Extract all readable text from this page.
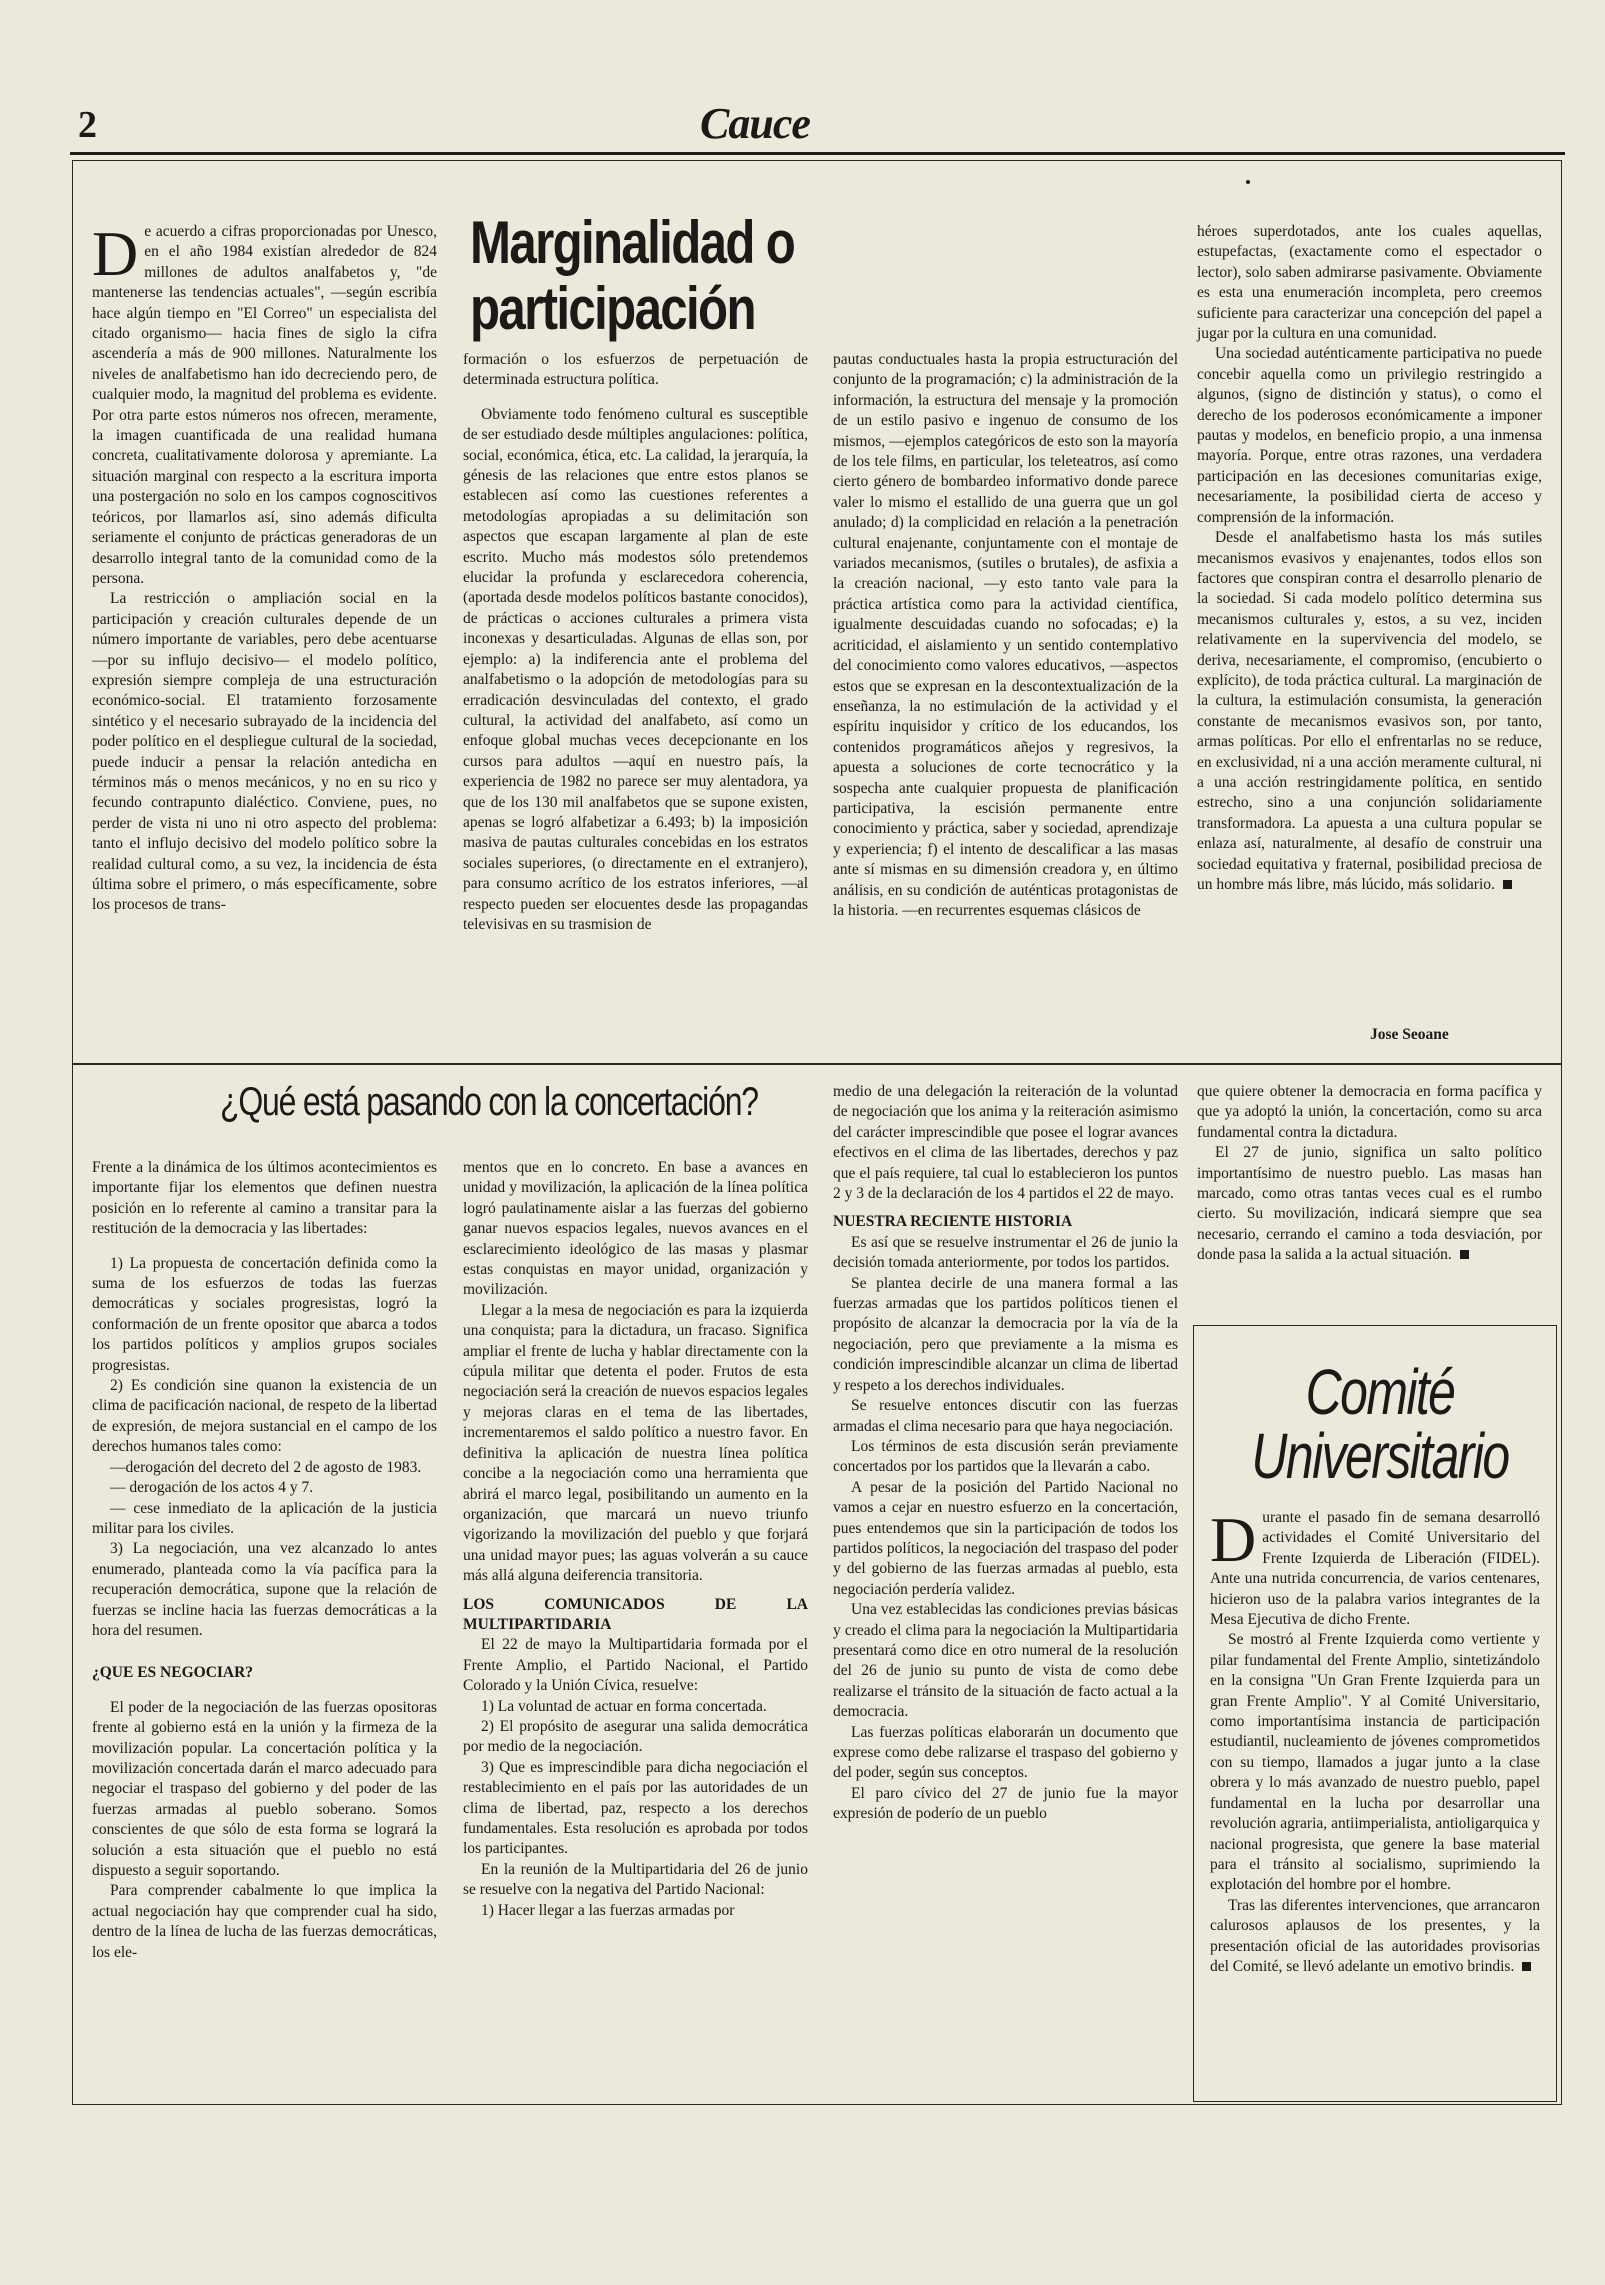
2	Cauce
Marginalidad o participación

De acuerdo a cifras proporcionadas por Unesco, en el año 1984 existían alrededor de 824 millones de adultos analfabetos y, "de mantenerse las tendencias actuales", —según escribía hace algún tiempo en "El Correo" un especialista del citado organismo— hacia fines de siglo la cifra ascendería a más de 900 millones. Naturalmente los niveles de analfabetismo han ido decreciendo pero, de cualquier modo, la magnitud del problema es evidente. Por otra parte estos números nos ofrecen, meramente, la imagen cuantificada de una realidad humana concreta, cualitativamente dolorosa y apremiante. La situación marginal con respecto a la escritura importa una postergación no solo en los campos cognoscitivos teóricos, por llamarlos así, sino además dificulta seriamente el conjunto de prácticas generadoras de un desarrollo integral tanto de la comunidad como de la persona.

La restricción o ampliación social en la participación y creación culturales depende de un número importante de variables, pero debe acentuarse —por su influjo decisivo— el modelo político, expresión siempre compleja de una estructuración económico-social. El tratamiento forzosamente sintético y el necesario subrayado de la incidencia del poder político en el despliegue cultural de la sociedad, puede inducir a pensar la relación antedicha en términos más o menos mecánicos, y no en su rico y fecundo contrapunto dialéctico. Conviene, pues, no perder de vista ni uno ni otro aspecto del problema: tanto el influjo decisivo del modelo político sobre la realidad cultural como, a su vez, la incidencia de ésta última sobre el primero, o más específicamente, sobre los procesos de trans-

formación o los esfuerzos de perpetuación de determinada estructura política.

Obviamente todo fenómeno cultural es susceptible de ser estudiado desde múltiples angulaciones: política, social, económica, ética, etc. La calidad, la jerarquía, la génesis de las relaciones que entre estos planos se establecen así como las cuestiones referentes a metodologías apropiadas a su delimitación son aspectos que escapan largamente al plan de este escrito. Mucho más modestos sólo pretendemos elucidar la profunda y esclarecedora coherencia, (aportada desde modelos políticos bastante conocidos), de prácticas o acciones culturales a primera vista inconexas y desarticuladas. Algunas de ellas son, por ejemplo: a) la indiferencia ante el problema del analfabetismo o la adopción de metodologías para su erradicación desvinculadas del contexto, el grado cultural, la actividad del analfabeto, así como un enfoque global muchas veces decepcionante en los cursos para adultos —aquí en nuestro país, la experiencia de 1982 no parece ser muy alentadora, ya que de los 130 mil analfabetos que se supone existen, apenas se logró alfabetizar a 6.493; b) la imposición masiva de pautas culturales concebidas en los estratos sociales superiores, (o directamente en el extranjero), para consumo acrítico de los estratos inferiores, —al respecto pueden ser elocuentes desde las propagandas televisivas en su trasmision de

pautas conductuales hasta la propia estructuración del conjunto de la programación; c) la administración de la información, la estructura del mensaje y la promoción de un estilo pasivo e ingenuo de consumo de los mismos, —ejemplos categóricos de esto son la mayoría de los tele films, en particular, los teleteatros, así como cierto género de bombardeo informativo donde parece valer lo mismo el estallido de una guerra que un gol anulado; d) la complicidad en relación a la penetración cultural enajenante, conjuntamente con el montaje de variados mecanismos, (sutiles o brutales), de asfixia a la creación nacional, —y esto tanto vale para la práctica artística como para la actividad científica, igualmente descuidadas cuando no sofocadas; e) la acriticidad, el aislamiento y un sentido contemplativo del conocimiento como valores educativos, —aspectos estos que se expresan en la descontextualización de la enseñanza, la no estimulación de la actividad y el espíritu inquisidor y crítico de los educandos, los contenidos programáticos añejos y regresivos, la apuesta a soluciones de corte tecnocrático y la sospecha ante cualquier propuesta de planificación participativa, la escisión permanente entre conocimiento y práctica, saber y sociedad, aprendizaje y experiencia; f) el intento de descalificar a las masas ante sí mismas en su dimensión creadora y, en último análisis, en su condición de auténticas protagonistas de la historia. —en recurrentes esquemas clásicos de

héroes superdotados, ante los cuales aquellas, estupefactas, (exactamente como el espectador o lector), solo saben admirarse pasivamente. Obviamente es esta una enumeración incompleta, pero creemos suficiente para caracterizar una concepción del papel a jugar por la cultura en una comunidad.

Una sociedad auténticamente participativa no puede concebir aquella como un privilegio restringido a algunos, (signo de distinción y status), o como el derecho de los poderosos económicamente a imponer pautas y modelos, en beneficio propio, a una inmensa mayoría. Porque, entre otras razones, una verdadera participación en las decesiones comunitarias exige, necesariamente, la posibilidad cierta de acceso y comprensión de la información.

Desde el analfabetismo hasta los más sutiles mecanismos evasivos y enajenantes, todos ellos son factores que conspiran contra el desarrollo plenario de la sociedad. Si cada modelo político determina sus mecanismos culturales y, estos, a su vez, inciden relativamente en la supervivencia del modelo, se deriva, necesariamente, el compromiso, (encubierto o explícito), de toda práctica cultural. La marginación de la cultura, la estimulación consumista, la generación constante de mecanismos evasivos son, por tanto, armas políticas. Por ello el enfrentarlas no se reduce, en exclusividad, ni a una acción meramente cultural, ni a una acción restringidamente política, en sentido estrecho, sino a una conjunción solidariamente transformadora. La apuesta a una cultura popular se enlaza así, naturalmente, al desafío de construir una sociedad equitativa y fraternal, posibilidad preciosa de un hombre más libre, más lúcido, más solidario.

Jose Seoane
¿Qué está pasando con la concertación?

Frente a la dinámica de los últimos acontecimientos es importante fijar los elementos que definen nuestra posición en lo referente al camino a transitar para la restitución de la democracia y las libertades:

1) La propuesta de concertación definida como la suma de los esfuerzos de todas las fuerzas democráticas y sociales progresistas, logró la conformación de un frente opositor que abarca a todos los partidos políticos y amplios grupos sociales progresistas.

2) Es condición sine quanon la existencia de un clima de pacificación nacional, de respeto de la libertad de expresión, de mejora sustancial en el campo de los derechos humanos tales como:

—derogación del decreto del 2 de agosto de 1983.

— derogación de los actos 4 y 7.

— cese inmediato de la aplicación de la justicia militar para los civiles.

3) La negociación, una vez alcanzado lo antes enumerado, planteada como la vía pacífica para la recuperación democrática, supone que la relación de fuerzas se incline hacia las fuerzas democráticas a la hora del resumen.

¿QUE ES NEGOCIAR?

El poder de la negociación de las fuerzas opositoras frente al gobierno está en la unión y la firmeza de la movilización popular. La concertación política y la movilización concertada darán el marco adecuado para negociar el traspaso del gobierno y del poder de las fuerzas armadas al pueblo soberano. Somos conscientes de que sólo de esta forma se logrará la solución a esta situación que el pueblo no está dispuesto a seguir soportando.

Para comprender cabalmente lo que implica la actual negociación hay que comprender cual ha sido, dentro de la línea de lucha de las fuerzas democráticas, los ele-

mentos que en lo concreto. En base a avances en unidad y movilización, la aplicación de la línea política logró paulatinamente aislar a las fuerzas del gobierno ganar nuevos espacios legales, nuevos avances en el esclarecimiento ideológico de las masas y plasmar estas conquistas en mayor unidad, organización y movilización.

Llegar a la mesa de negociación es para la izquierda una conquista; para la dictadura, un fracaso. Significa ampliar el frente de lucha y hablar directamente con la cúpula militar que detenta el poder. Frutos de esta negociación será la creación de nuevos espacios legales y mejoras claras en el tema de las libertades, incrementaremos el saldo político a nuestro favor. En definitiva la aplicación de nuestra línea política concibe a la negociación como una herramienta que abrirá el marco legal, posibilitando un aumento en la organización, que marcará un nuevo triunfo vigorizando la movilización del pueblo y que forjará una unidad mayor pues; las aguas volverán a su cauce más allá alguna deiferencia transitoria.

LOS COMUNICADOS DE LA MULTIPARTIDARIA

El 22 de mayo la Multipartidaria formada por el Frente Amplio, el Partido Nacional, el Partido Colorado y la Unión Cívica, resuelve:

1) La voluntad de actuar en forma concertada.

2) El propósito de asegurar una salida democrática por medio de la negociación.

3) Que es imprescindible para dicha negociación el restablecimiento en el país por las autoridades de un clima de libertad, paz, respecto a los derechos fundamentales. Esta resolución es aprobada por todos los participantes.

En la reunión de la Multipartidaria del 26 de junio se resuelve con la negativa del Partido Nacional:

1) Hacer llegar a las fuerzas armadas por

medio de una delegación la reiteración de la voluntad de negociación que los anima y la reiteración asimismo del carácter imprescindible que posee el lograr avances efectivos en el clima de las libertades, derechos y paz que el país requiere, tal cual lo establecieron los puntos 2 y 3 de la declaración de los 4 partidos el 22 de mayo.

NUESTRA RECIENTE HISTORIA

Es así que se resuelve instrumentar el 26 de junio la decisión tomada anteriormente, por todos los partidos.

Se plantea decirle de una manera formal a las fuerzas armadas que los partidos políticos tienen el propósito de alcanzar la democracia por la vía de la negociación, pero que previamente a la misma es condición imprescindible alcanzar un clima de libertad y respeto a los derechos individuales.

Se resuelve entonces discutir con las fuerzas armadas el clima necesario para que haya negociación.

Los términos de esta discusión serán previamente concertados por los partidos que la llevarán a cabo.

A pesar de la posición del Partido Nacional no vamos a cejar en nuestro esfuerzo en la concertación, pues entendemos que sin la participación de todos los partidos políticos, la negociación del traspaso del poder y del gobierno de las fuerzas armadas al pueblo, esta negociación perdería validez.

Una vez establecidas las condiciones previas básicas y creado el clima para la negociación la Multipartidaria presentará como dice en otro numeral de la resolución del 26 de junio su punto de vista de como debe realizarse el tránsito de la situación de facto actual a la democracia.

Las fuerzas políticas elaborarán un documento que exprese como debe ralizarse el traspaso del gobierno y del poder, según sus conceptos.

El paro cívico del 27 de junio fue la mayor expresión de poderío de un pueblo

que quiere obtener la democracia en forma pacífica y que ya adoptó la unión, la concertación, como su arca fundamental contra la dictadura.

El 27 de junio, significa un salto político importantísimo de nuestro pueblo. Las masas han marcado, como otras tantas veces cual es el rumbo cierto. Su movilización, indicará siempre que sea necesario, cerrando el camino a toda desviación, por donde pasa la salida a la actual situación.

Comité
Universitario

Durante el pasado fin de semana desarrolló actividades el Comité Universitario del Frente Izquierda de Liberación (FIDEL). Ante una nutrida concurrencia, de varios centenares, hicieron uso de la palabra varios integrantes de la Mesa Ejecutiva de dicho Frente.

Se mostró al Frente Izquierda como vertiente y pilar fundamental del Frente Amplio, sintetizándolo en la consigna "Un Gran Frente Izquierda para un gran Frente Amplio". Y al Comité Universitario, como importantísima instancia de participación estudiantil, nucleamiento de jóvenes comprometidos con su tiempo, llamados a jugar junto a la clase obrera y lo más avanzado de nuestro pueblo, papel fundamental en la lucha por desarrollar una revolución agraria, antiimperialista, antioligarquica y nacional progresista, que genere la base material para el tránsito al socialismo, suprimiendo la explotación del hombre por el hombre.

Tras las diferentes intervenciones, que arrancaron calurosos aplausos de los presentes, y la presentación oficial de las autoridades provisorias del Comité, se llevó adelante un emotivo brindis.
